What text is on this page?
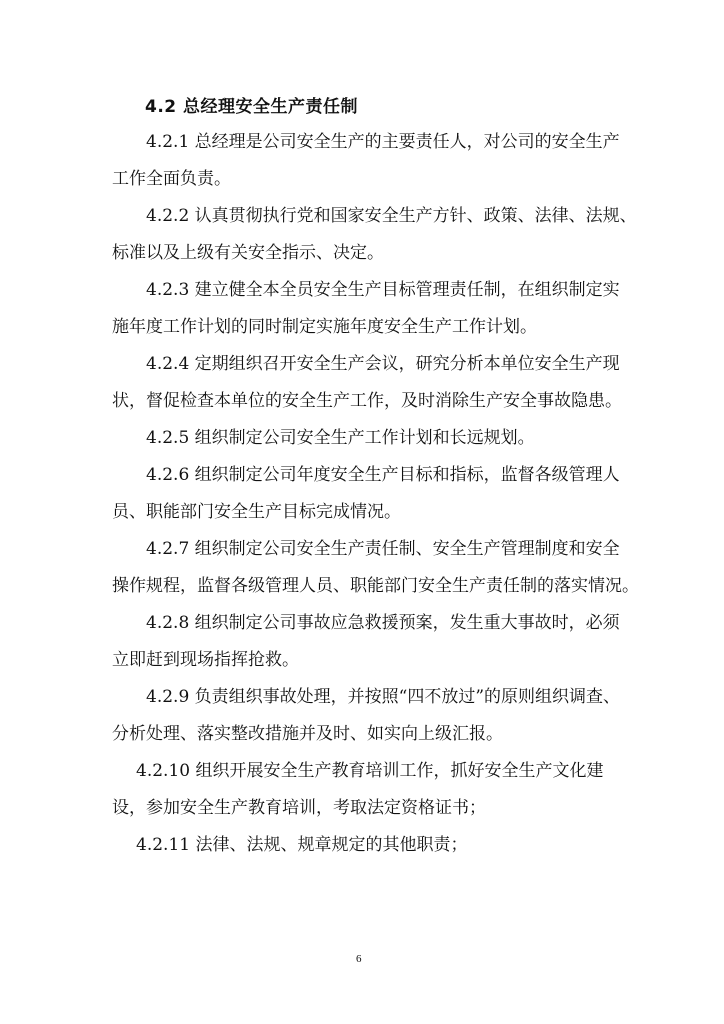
4.2 总经理安全生产责任制
4.2.1 总经理是公司安全生产的主要责任人，对公司的安全生产
工作全面负责。
4.2.2 认真贯彻执行党和国家安全生产方针、政策、法律、法规、
标准以及上级有关安全指示、决定。
4.2.3 建立健全本全员安全生产目标管理责任制，在组织制定实
施年度工作计划的同时制定实施年度安全生产工作计划。
4.2.4 定期组织召开安全生产会议，研究分析本单位安全生产现
状，督促检查本单位的安全生产工作，及时消除生产安全事故隐患。
4.2.5 组织制定公司安全生产工作计划和长远规划。
4.2.6 组织制定公司年度安全生产目标和指标，监督各级管理人
员、职能部门安全生产目标完成情况。
4.2.7 组织制定公司安全生产责任制、安全生产管理制度和安全
操作规程，监督各级管理人员、职能部门安全生产责任制的落实情况。
4.2.8 组织制定公司事故应急救援预案，发生重大事故时，必须
立即赶到现场指挥抢救。
4.2.9 负责组织事故处理，并按照“四不放过”的原则组织调查、
分析处理、落实整改措施并及时、如实向上级汇报。
4.2.10 组织开展安全生产教育培训工作，抓好安全生产文化建
设，参加安全生产教育培训，考取法定资格证书；
4.2.11 法律、法规、规章规定的其他职责；
6
